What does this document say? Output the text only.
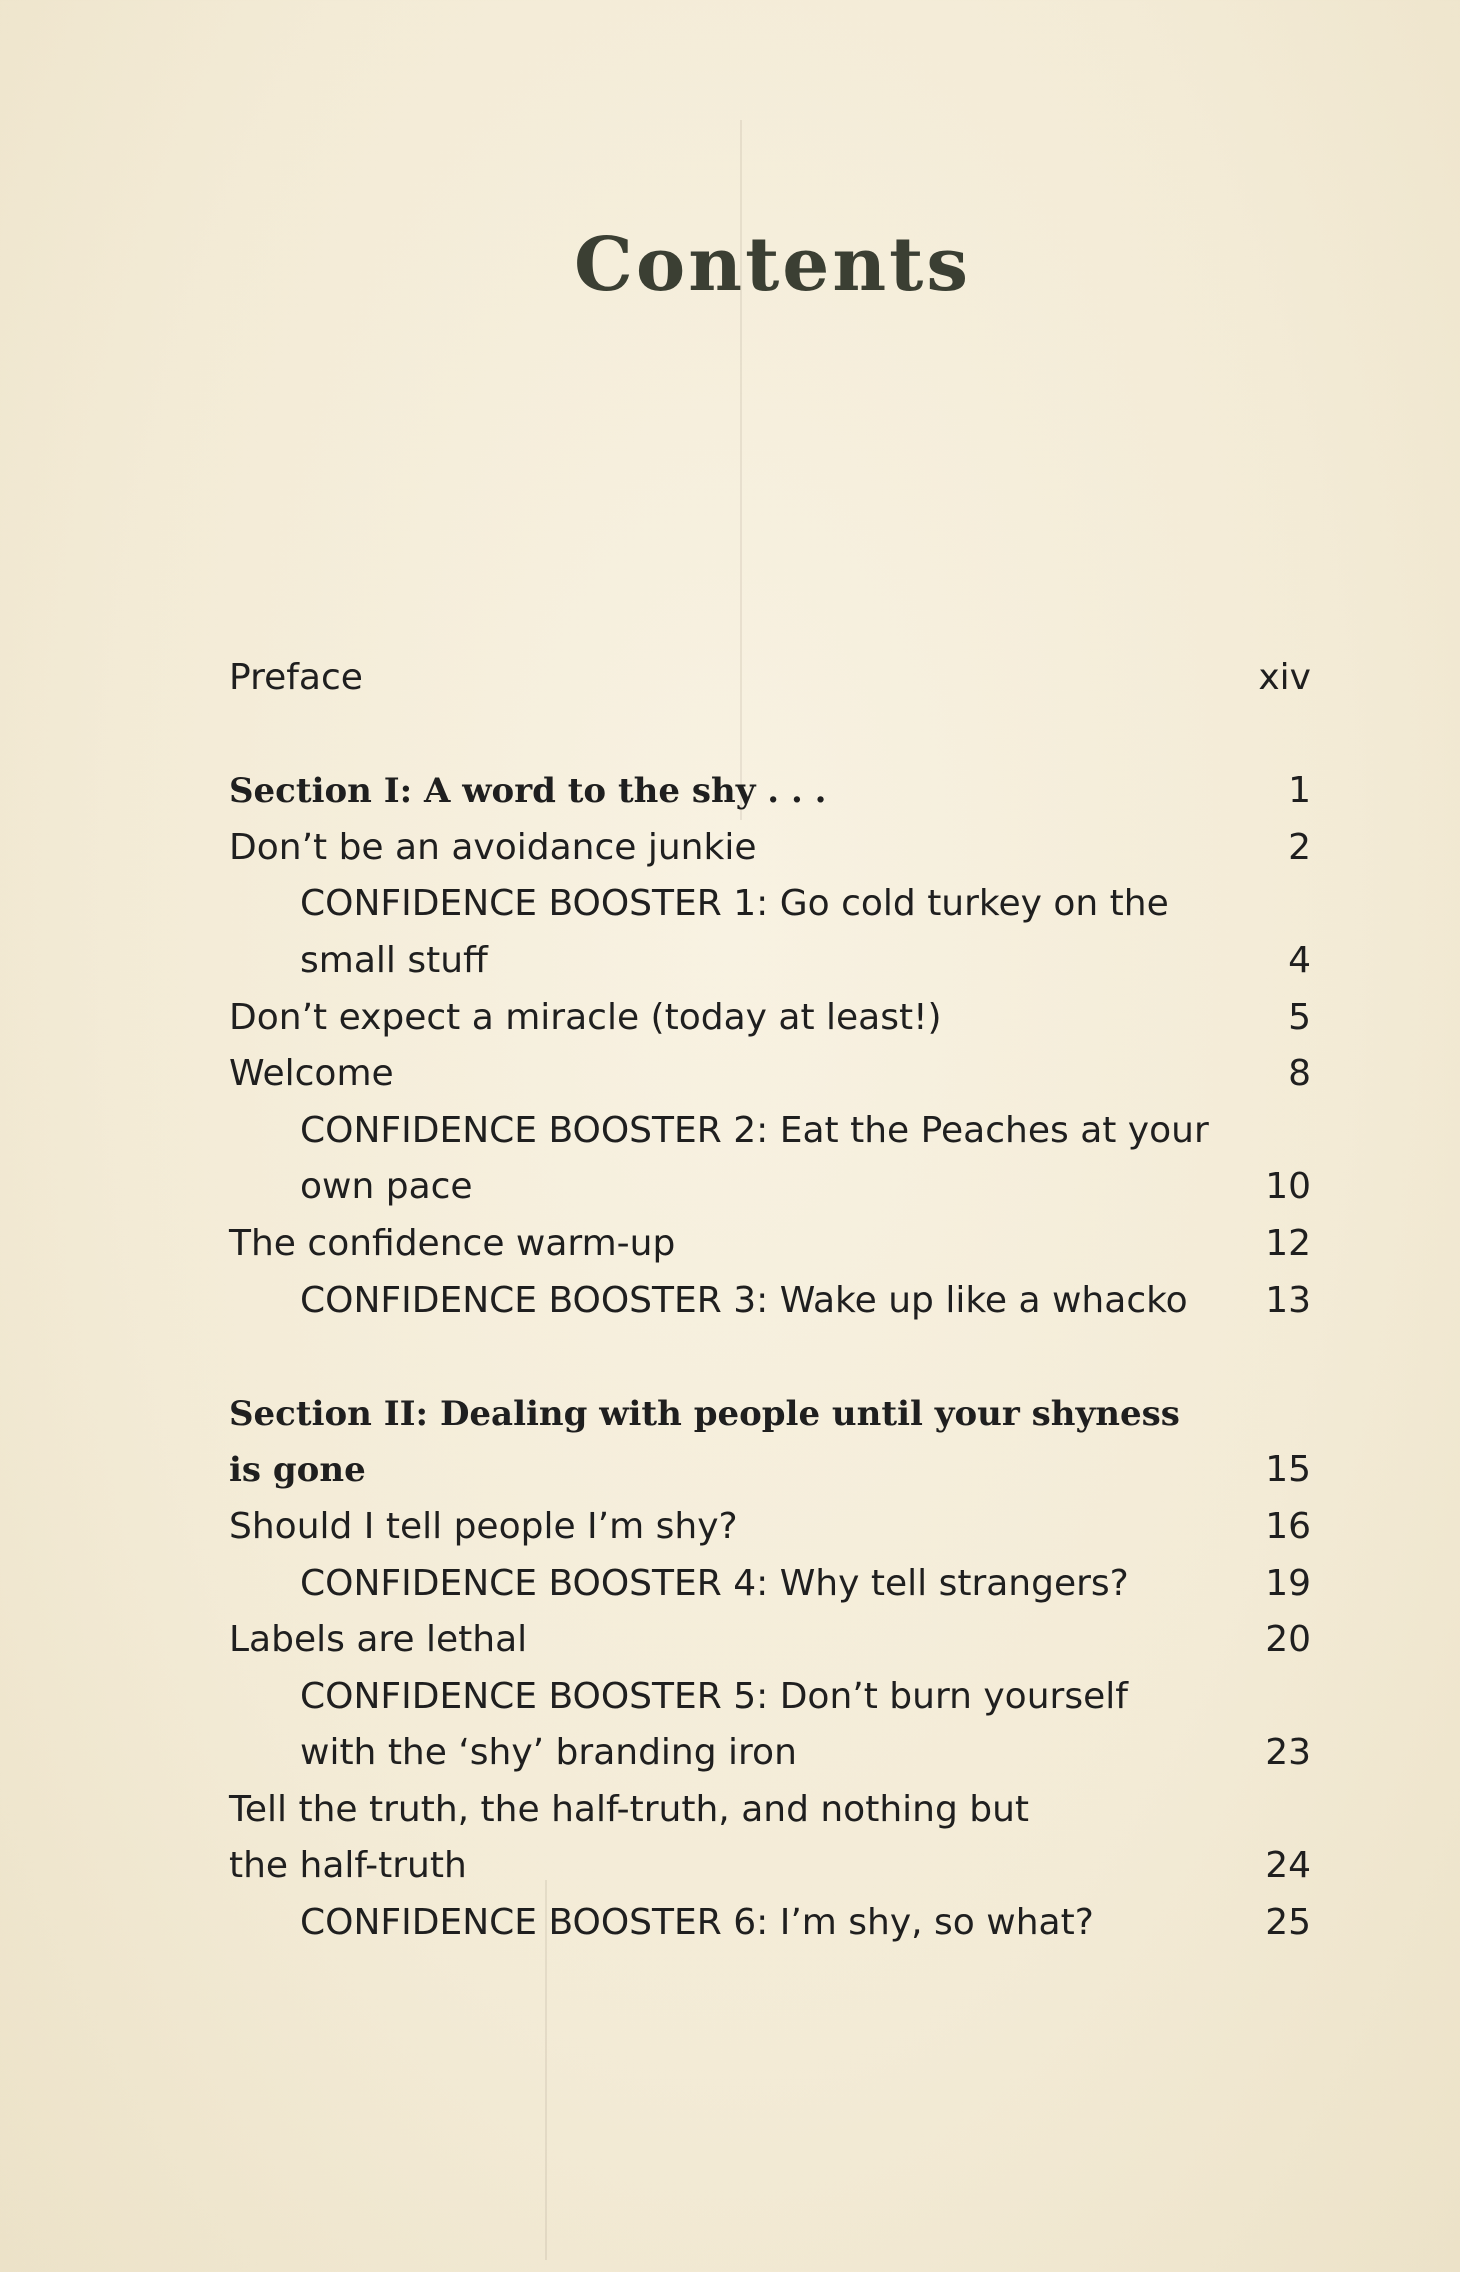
Contents
Preface	xiv
Section I: A word to the shy . . .	1
Don’t be an avoidance junkie	2
CONFIDENCE BOOSTER 1: Go cold turkey on the
small stuff	4
Don’t expect a miracle (today at least!)	5
Welcome	8
CONFIDENCE BOOSTER 2: Eat the Peaches at your
own pace	10
The confidence warm-up	12
CONFIDENCE BOOSTER 3: Wake up like a whacko	13
Section II: Dealing with people until your shyness
is gone	15
Should I tell people I’m shy?	16
CONFIDENCE BOOSTER 4: Why tell strangers?	19
Labels are lethal	20
CONFIDENCE BOOSTER 5: Don’t burn yourself
with the ‘shy’ branding iron	23
Tell the truth, the half-truth, and nothing but
the half-truth	24
CONFIDENCE BOOSTER 6: I’m shy, so what?	25
